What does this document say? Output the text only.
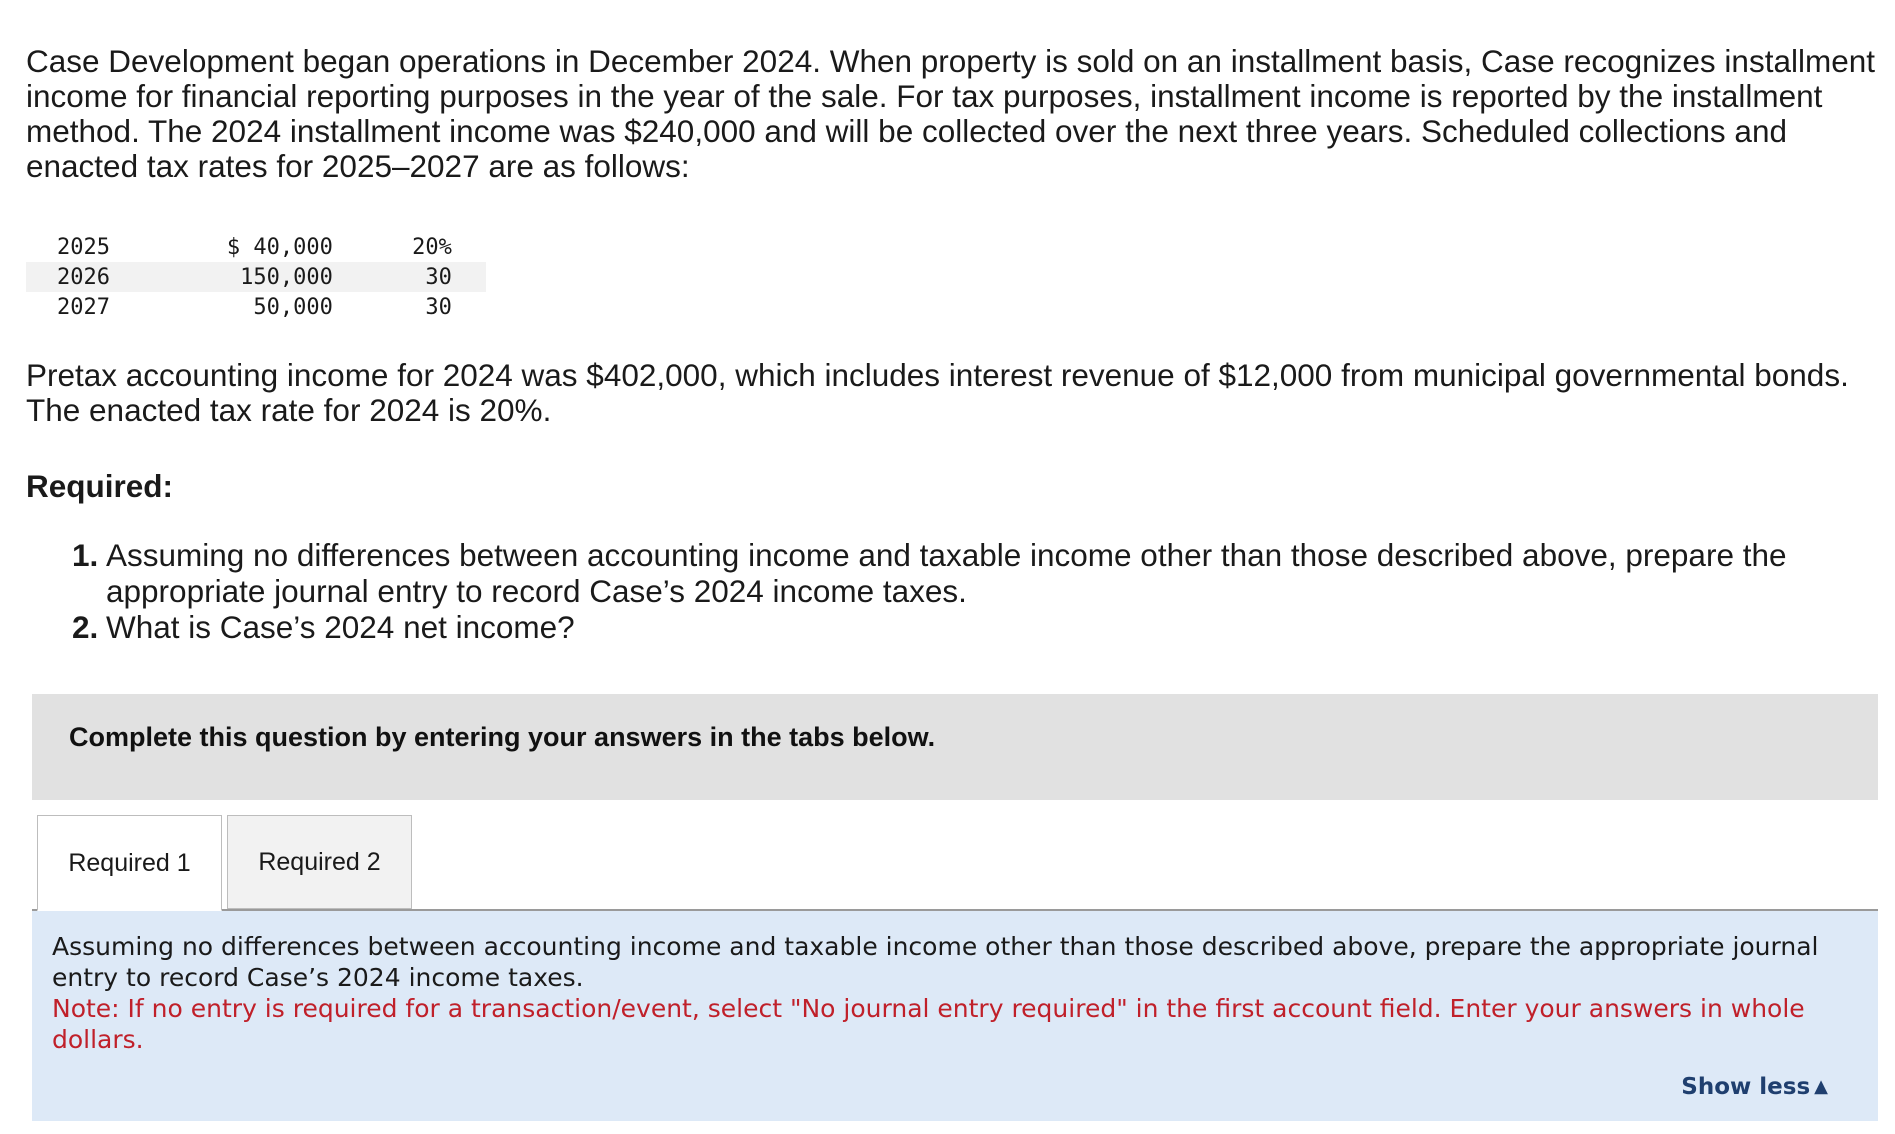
Case Development began operations in December 2024. When property is sold on an installment basis, Case recognizes installment income for financial reporting purposes in the year of the sale. For tax purposes, installment income is reported by the installment method. The 2024 installment income was $240,000 and will be collected over the next three years. Scheduled collections and enacted tax rates for 2025–2027 are as follows:

2025	$ 40,000	20%	
2026	150,000	30	
2027	50,000	30	

Pretax accounting income for 2024 was $402,000, which includes interest revenue of $12,000 from municipal governmental bonds. The enacted tax rate for 2024 is 20%.

Required:

1. Assuming no differences between accounting income and taxable income other than those described above, prepare the appropriate journal entry to record Case’s 2024 income taxes.
2. What is Case’s 2024 net income?
Complete this question by entering your answers in the tabs below.
Required 1	Required 2

Assuming no differences between accounting income and taxable income other than those described above, prepare the appropriate journal entry to record Case’s 2024 income taxes.

Note: If no entry is required for a transaction/event, select "No journal entry required" in the first account field. Enter your answers in whole dollars.

Show less ▲
